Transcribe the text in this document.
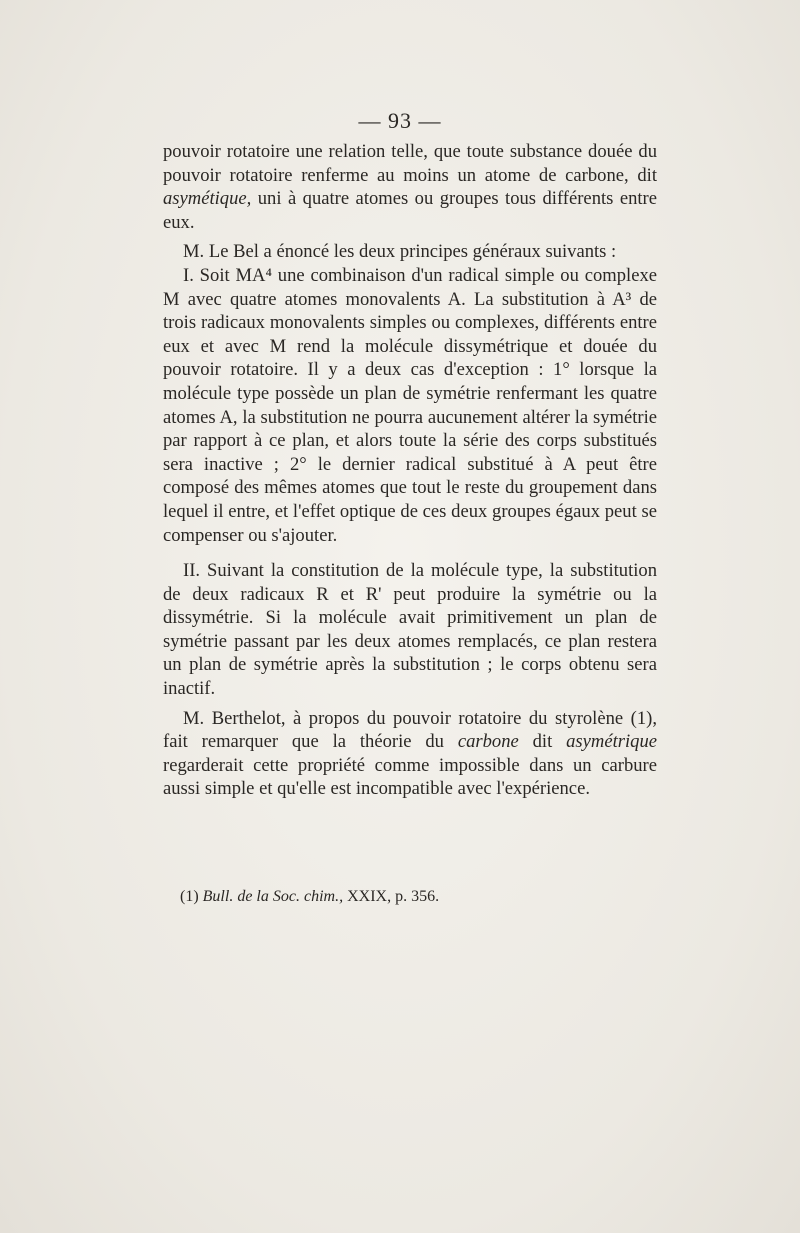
— 93 —

pouvoir rotatoire une relation telle, que toute substance douée du pouvoir rotatoire renferme au moins un atome de carbone, dit asymétique, uni à quatre atomes ou groupes tous différents entre eux.

M. Le Bel a énoncé les deux principes généraux suivants :

I. Soit MA⁴ une combinaison d'un radical simple ou complexe M avec quatre atomes monovalents A. La substitution à A³ de trois radicaux monovalents simples ou complexes, différents entre eux et avec M rend la molécule dissymétrique et douée du pouvoir rotatoire. Il y a deux cas d'exception : 1° lorsque la molécule type possède un plan de symétrie renfermant les quatre atomes A, la substitution ne pourra aucunement altérer la symétrie par rapport à ce plan, et alors toute la série des corps substitués sera inactive ; 2° le dernier radical substitué à A peut être composé des mêmes atomes que tout le reste du groupement dans lequel il entre, et l'effet optique de ces deux groupes égaux peut se compenser ou s'ajouter.

II. Suivant la constitution de la molécule type, la substitution de deux radicaux R et R' peut produire la symétrie ou la dissymétrie. Si la molécule avait primitivement un plan de symétrie passant par les deux atomes remplacés, ce plan restera un plan de symétrie après la substitution ; le corps obtenu sera inactif.

M. Berthelot, à propos du pouvoir rotatoire du styrolène (1), fait remarquer que la théorie du carbone dit asymétrique regarderait cette propriété comme impossible dans un carbure aussi simple et qu'elle est incompatible avec l'expérience.

(1) Bull. de la Soc. chim., XXIX, p. 356.
